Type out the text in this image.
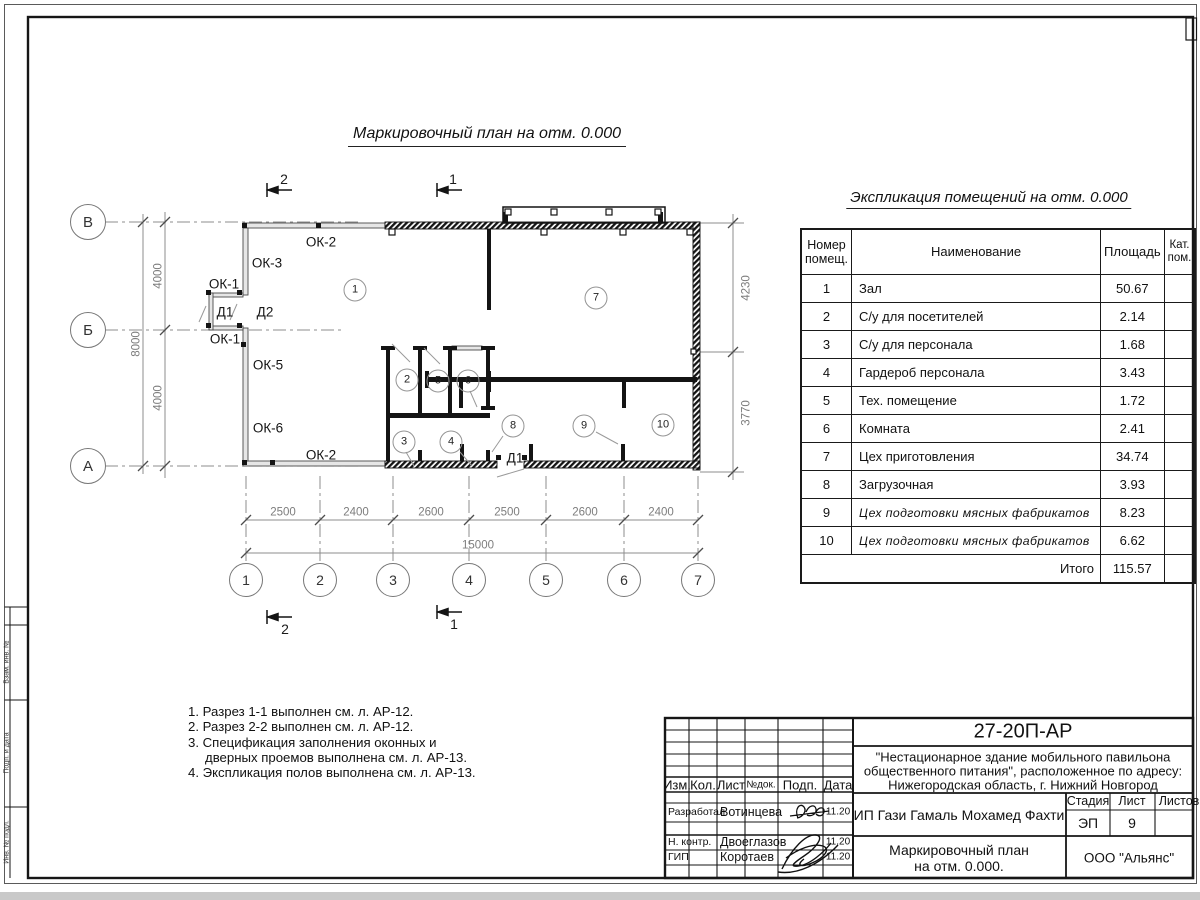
Маркировочный план на отм. 0.000
Экспликация помещений на отм. 0.000
В
Б
А
1	2	3	4	5	6	7
1
2
3	4
5	6
7
8	9	10
ОК-2
ОК-3
ОК-1
Д1 Д2
ОК-1
ОК-5
ОК-6
ОК-2	Д1
2	1
2	1
4000
4000
8000
4230
3770
2500	2400	2600	2500	2600	2400
15000
Номер помещ.	Наименование	Площадь	Кат. пом.
1	Зал	50.67	
2	С/у для посетителей	2.14	
3	С/у для персонала	1.68	
4	Гардероб персонала	3.43	
5	Тех. помещение	1.72	
6	Комната	2.41	
7	Цех приготовления	34.74	
8	Загрузочная	3.93	
9	Цех подготовки мясных фабрикатов	8.23	
10	Цех подготовки мясных фабрикатов	6.62	
Итого		115.57	
1. Разрез 1-1 выполнен см. л. АР-12.
2. Разрез 2-2 выполнен см. л. АР-12.
3. Спецификация заполнения оконных и дверных проемов выполнена см. л. АР-13.
4. Экспликация полов выполнена см. л. АР-13.
27-20П-АР
"Нестационарное здание мобильного павильона
общественного питания", расположенное по адресу:
Нижегородская область, г. Нижний Новгород
ИП Гази Гамаль Мохамед Фахти
Маркировочный план
на отм. 0.000.	ООО "Альянс"
Стадия Лист Листов
ЭП 9
Изм. Кол. Лист №док. Подп. Дата
Разработал
Вотинцева	11.20
Н. контр. Двоеглазов	11.20
ГИП Коротаев	11.20
Взам. инв. №
Подп. и дата
Инв. № подл.
